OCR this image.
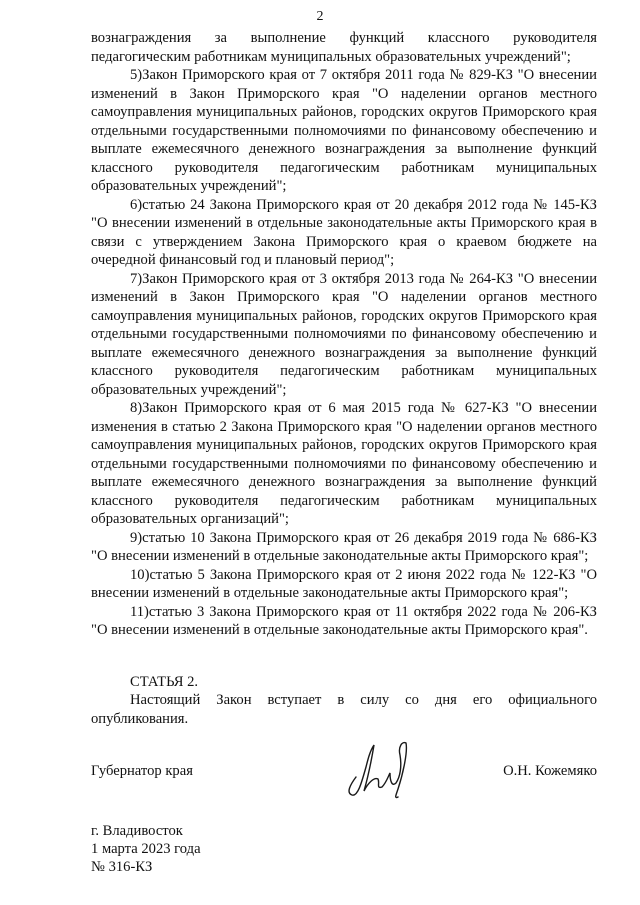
2

вознаграждения за выполнение функций классного руководителя педагогическим работникам муниципальных образовательных учреждений";

5)Закон Приморского края от 7 октября 2011 года № 829-КЗ "О внесении изменений в Закон Приморского края "О наделении органов местного самоуправления муниципальных районов, городских округов Приморского края отдельными государственными полномочиями по финансовому обеспечению и выплате ежемесячного денежного вознаграждения за выполнение функций классного руководителя педагогическим работникам муниципальных образовательных учреждений";

6)статью 24 Закона Приморского края от 20 декабря 2012 года № 145-КЗ "О внесении изменений в отдельные законодательные акты Приморского края в связи с утверждением Закона Приморского края о краевом бюджете на очередной финансовый год и плановый период";

7)Закон Приморского края от 3 октября 2013 года № 264-КЗ "О внесении изменений в Закон Приморского края "О наделении органов местного самоуправления муниципальных районов, городских округов Приморского края отдельными государственными полномочиями по финансовому обеспечению и выплате ежемесячного денежного вознаграждения за выполнение функций классного руководителя педагогическим работникам муниципальных образовательных учреждений";

8)Закон Приморского края от 6 мая 2015 года № 627-КЗ "О внесении изменения в статью 2 Закона Приморского края "О наделении органов местного самоуправления муниципальных районов, городских округов Приморского края отдельными государственными полномочиями по финансовому обеспечению и выплате ежемесячного денежного вознаграждения за выполнение функций классного руководителя педагогическим работникам муниципальных образовательных организаций";

9)статью 10 Закона Приморского края от 26 декабря 2019 года № 686-КЗ "О внесении изменений в отдельные законодательные акты Приморского края";

10)статью 5 Закона Приморского края от 2 июня 2022 года № 122-КЗ "О внесении изменений в отдельные законодательные акты Приморского края";

11)статью 3 Закона Приморского края от 11 октября 2022 года № 206-КЗ "О внесении изменений в отдельные законодательные акты Приморского края".

СТАТЬЯ 2.

Настоящий Закон вступает в силу со дня его официального опубликования.

Губернатор края	О.Н. Кожемяко
г. Владивосток
1 марта 2023 года
№ 316-КЗ
